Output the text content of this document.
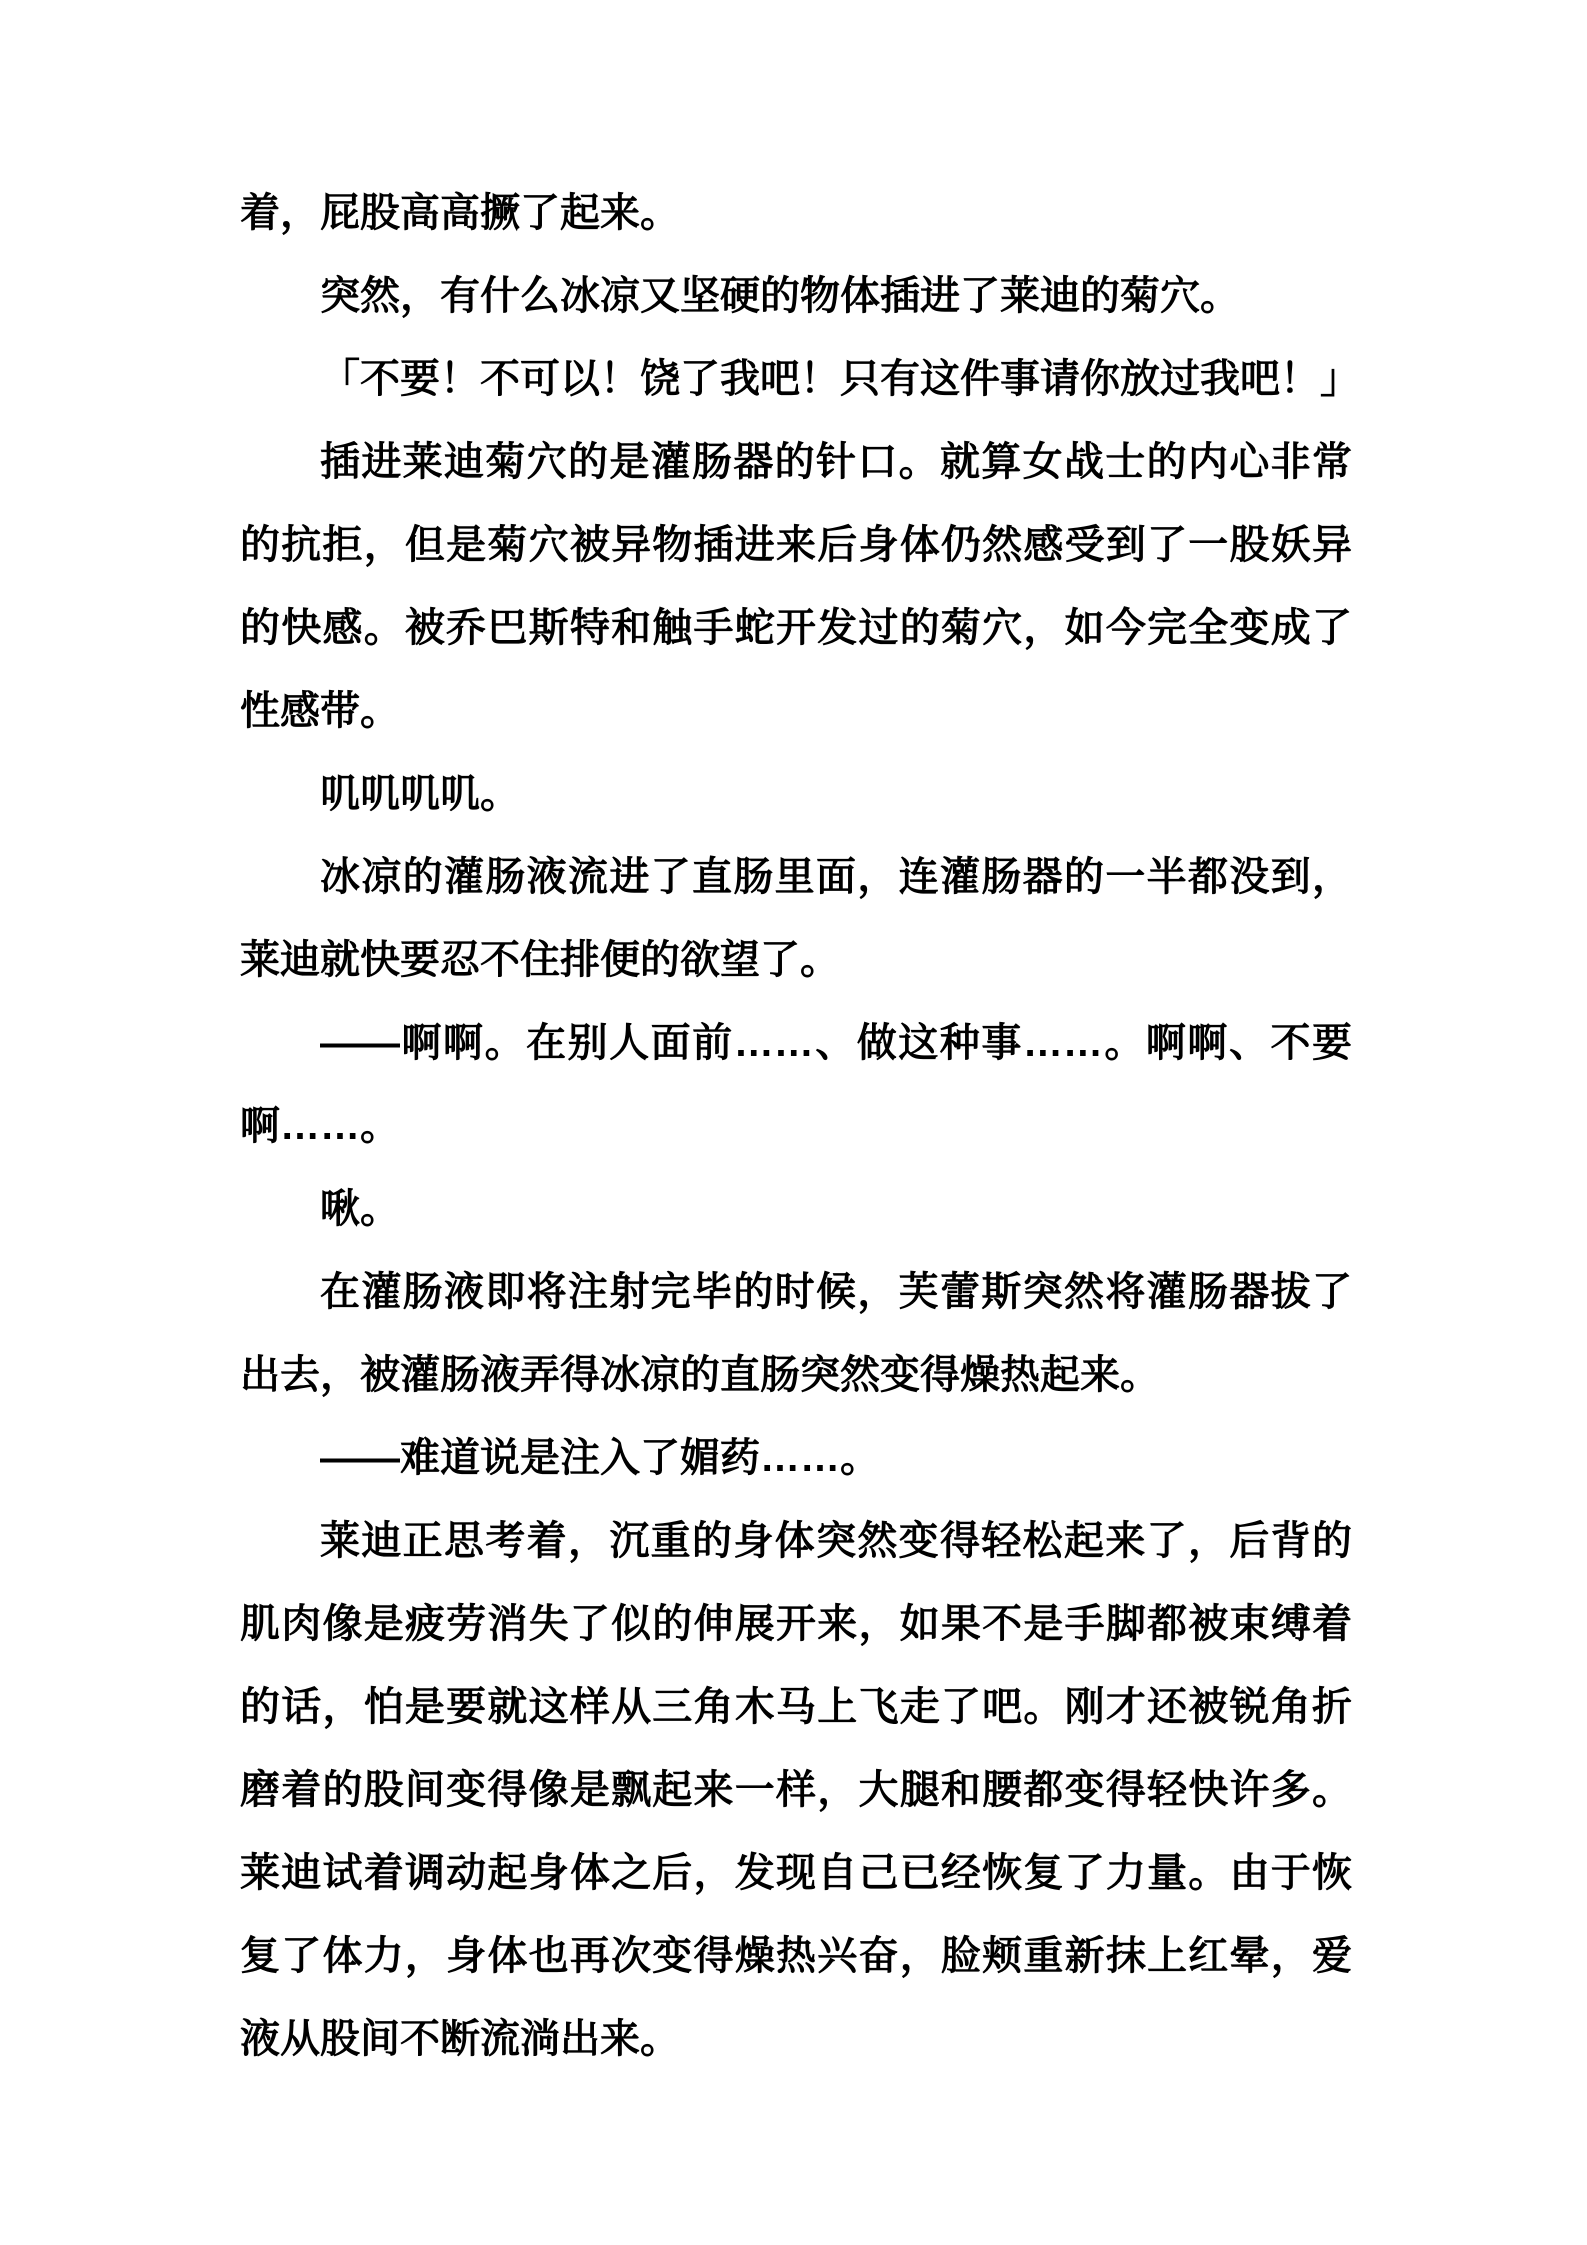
着，屁股高高撅了起来。

突然，有什么冰凉又坚硬的物体插进了莱迪的菊穴。

「不要！不可以！饶了我吧！只有这件事请你放过我吧！」

插进莱迪菊穴的是灌肠器的针口。就算女战士的内心非常的抗拒，但是菊穴被异物插进来后身体仍然感受到了一股妖异的快感。被乔巴斯特和触手蛇开发过的菊穴，如今完全变成了性感带。

叽叽叽叽。

冰凉的灌肠液流进了直肠里面，连灌肠器的一半都没到，莱迪就快要忍不住排便的欲望了。

——啊啊。在别人面前……、做这种事……。啊啊、不要啊……。

啾。

在灌肠液即将注射完毕的时候，芙蕾斯突然将灌肠器拔了出去，被灌肠液弄得冰凉的直肠突然变得燥热起来。

——难道说是注入了媚药……。

莱迪正思考着，沉重的身体突然变得轻松起来了，后背的肌肉像是疲劳消失了似的伸展开来，如果不是手脚都被束缚着的话，怕是要就这样从三角木马上飞走了吧。刚才还被锐角折磨着的股间变得像是飘起来一样，大腿和腰都变得轻快许多。莱迪试着调动起身体之后，发现自己已经恢复了力量。由于恢复了体力，身体也再次变得燥热兴奋，脸颊重新抹上红晕，爱液从股间不断流淌出来。
